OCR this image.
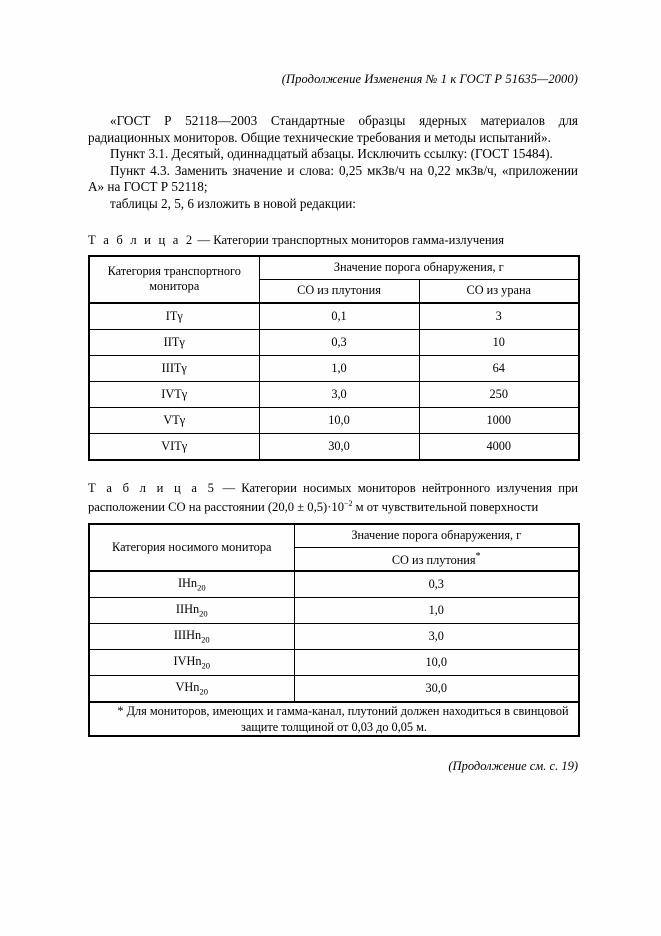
(Продолжение Изменения № 1 к ГОСТ Р 51635—2000)

«ГОСТ Р 52118—2003 Стандартные образцы ядерных материалов для радиационных мониторов. Общие технические требования и методы испытаний».

Пункт 3.1. Десятый, одиннадцатый абзацы. Исключить ссылку: (ГОСТ 15484).

Пункт 4.3. Заменить значение и слова: 0,25 мкЗв/ч на 0,22 мкЗв/ч, «приложении А» на ГОСТ Р 52118;

таблицы 2, 5, 6 изложить в новой редакции:

Т а б л и ц а 2 — Категории транспортных мониторов гамма-излучения
Категория транспортного монитора	Значение порога обнаружения, г	
	СО из плутония	СО из урана
IТγ	0,1	3
IIТγ	0,3	10
IIIТγ	1,0	64
IVТγ	3,0	250
VТγ	10,0	1000
VIТγ	30,0	4000
Т а б л и ц а 5 — Категории носимых мониторов нейтронного излучения при расположении СО на расстоянии $(20,0 \pm 0,5)\cdot 10^{-2}$ м от чувствительной поверхности
Категория носимого монитора	Значение порога обнаружения, г
	СО из плутония*
IНn$_{20}$	0,3
IIНn$_{20}$	1,0
IIIНn$_{20}$	3,0
IVНn$_{20}$	10,0
VНn$_{20}$	30,0
* Для мониторов, имеющих и гамма-канал, плутоний должен находиться в свинцовой защите толщиной от 0,03 до 0,05 м.	
(Продолжение см. с. 19)
